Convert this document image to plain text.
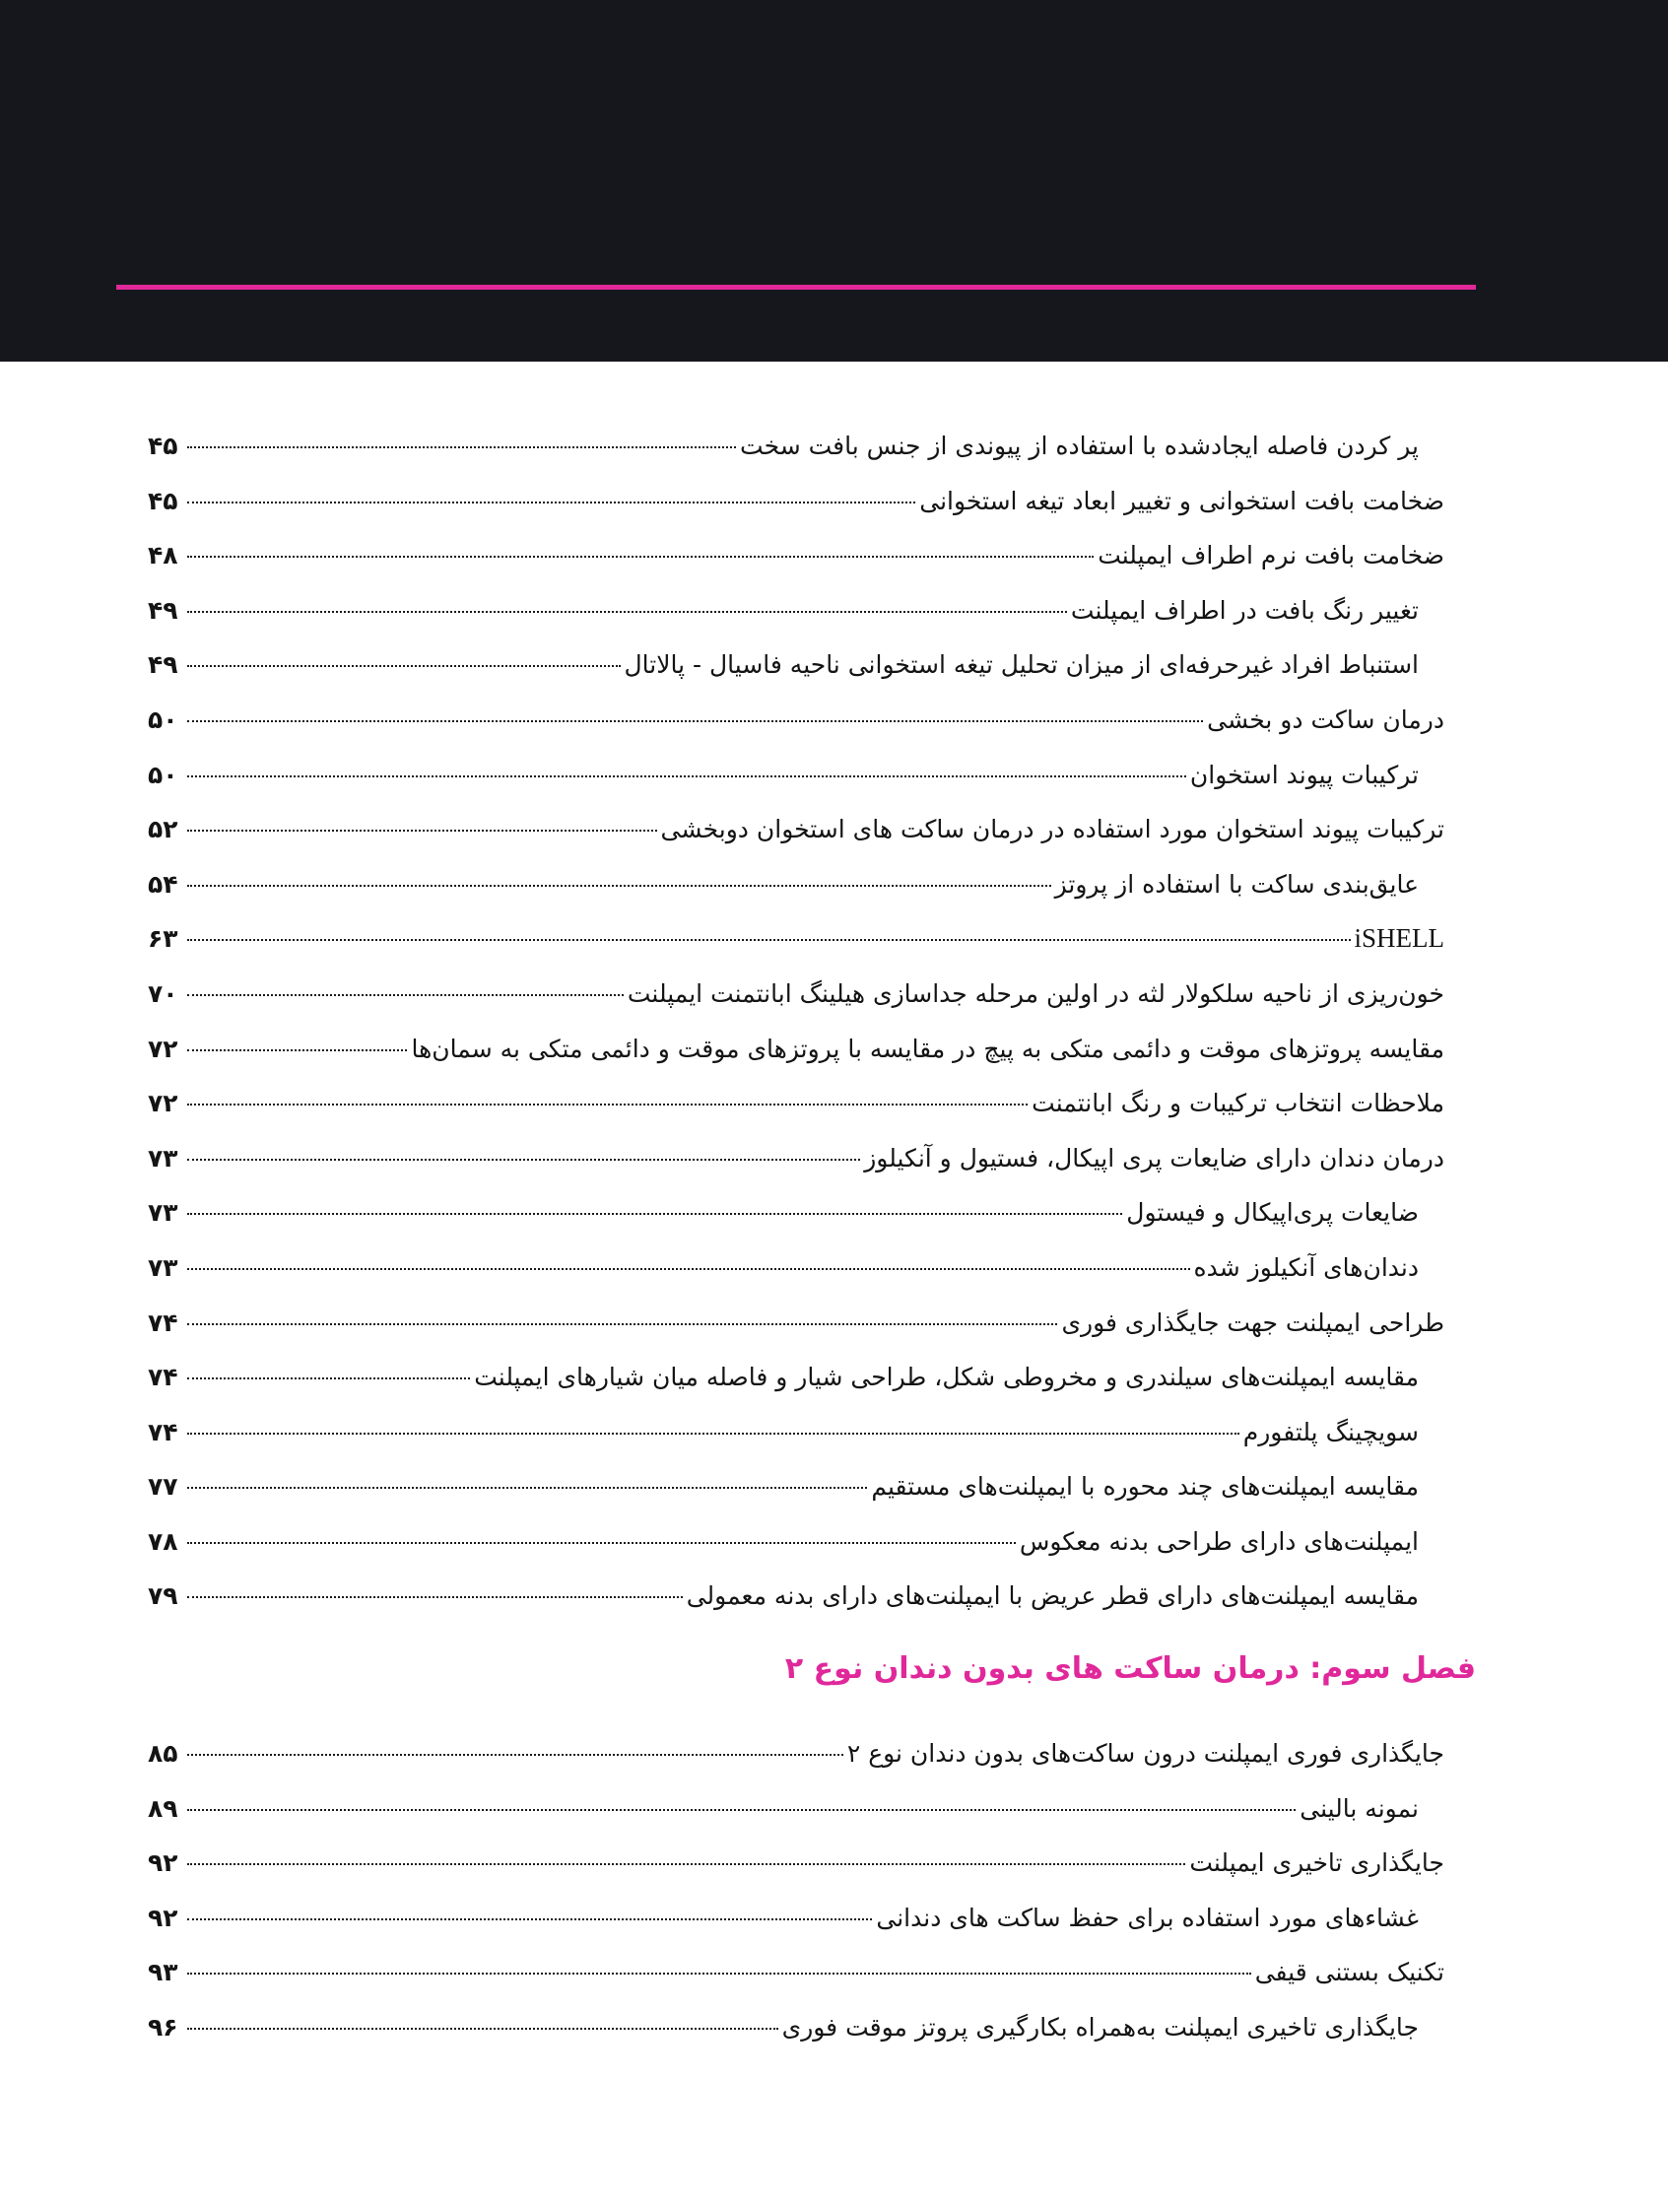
پر کردن فاصله ایجادشده با استفاده از پیوندی از جنس بافت سخت
۴۵
ضخامت بافت استخوانی و تغییر ابعاد تیغه استخوانی
۴۵
ضخامت بافت نرم اطراف ایمپلنت
۴۸
تغییر رنگ بافت در اطراف ایمپلنت
۴۹
استنباط افراد غیرحرفه‌ای از میزان تحلیل تیغه استخوانی ناحیه فاسیال - پالاتال
۴۹
درمان ساکت دو بخشی
۵۰
ترکیبات پیوند استخوان
۵۰
ترکیبات پیوند استخوان مورد استفاده در درمان ساکت های استخوان دوبخشی
۵۲
عایق‌بندی ساکت با استفاده از پروتز
۵۴
iSHELL
۶۳
خون‌ریزی از ناحیه سلکولار لثه در اولین مرحله جداسازی هیلینگ ابانتمنت ایمپلنت
۷۰
مقایسه پروتزهای موقت و دائمی متکی به پیچ در مقایسه با پروتزهای موقت و دائمی متکی به سمان‌ها
۷۲
ملاحظات انتخاب ترکیبات و رنگ ابانتمنت
۷۲
درمان دندان دارای ضایعات پری اپیکال، فستیول و آنکیلوز
۷۳
ضایعات پری‌اپیکال و فیستول
۷۳
دندان‌های آنکیلوز شده
۷۳
طراحی ایمپلنت جهت جایگذاری فوری
۷۴
مقایسه ایمپلنت‌های سیلندری و مخروطی شکل، طراحی شیار و فاصله میان شیارهای ایمپلنت
۷۴
سویچینگ پلتفورم
۷۴
مقایسه ایمپلنت‌های چند محوره با ایمپلنت‌های مستقیم
۷۷
ایمپلنت‌های دارای طراحی بدنه معکوس
۷۸
مقایسه ایمپلنت‌های دارای قطر عریض با ایمپلنت‌های دارای بدنه معمولی
۷۹
فصل سوم: درمان ساکت های بدون دندان نوع ۲
جایگذاری فوری ایمپلنت درون ساکت‌های بدون دندان نوع ۲
۸۵
نمونه بالینی
۸۹
جایگذاری تاخیری ایمپلنت
۹۲
غشاء‌های مورد استفاده برای حفظ ساکت های دندانی
۹۲
تکنیک بستنی قیفی
۹۳
جایگذاری تاخیری ایمپلنت به‌همراه بکارگیری پروتز موقت فوری
۹۶
